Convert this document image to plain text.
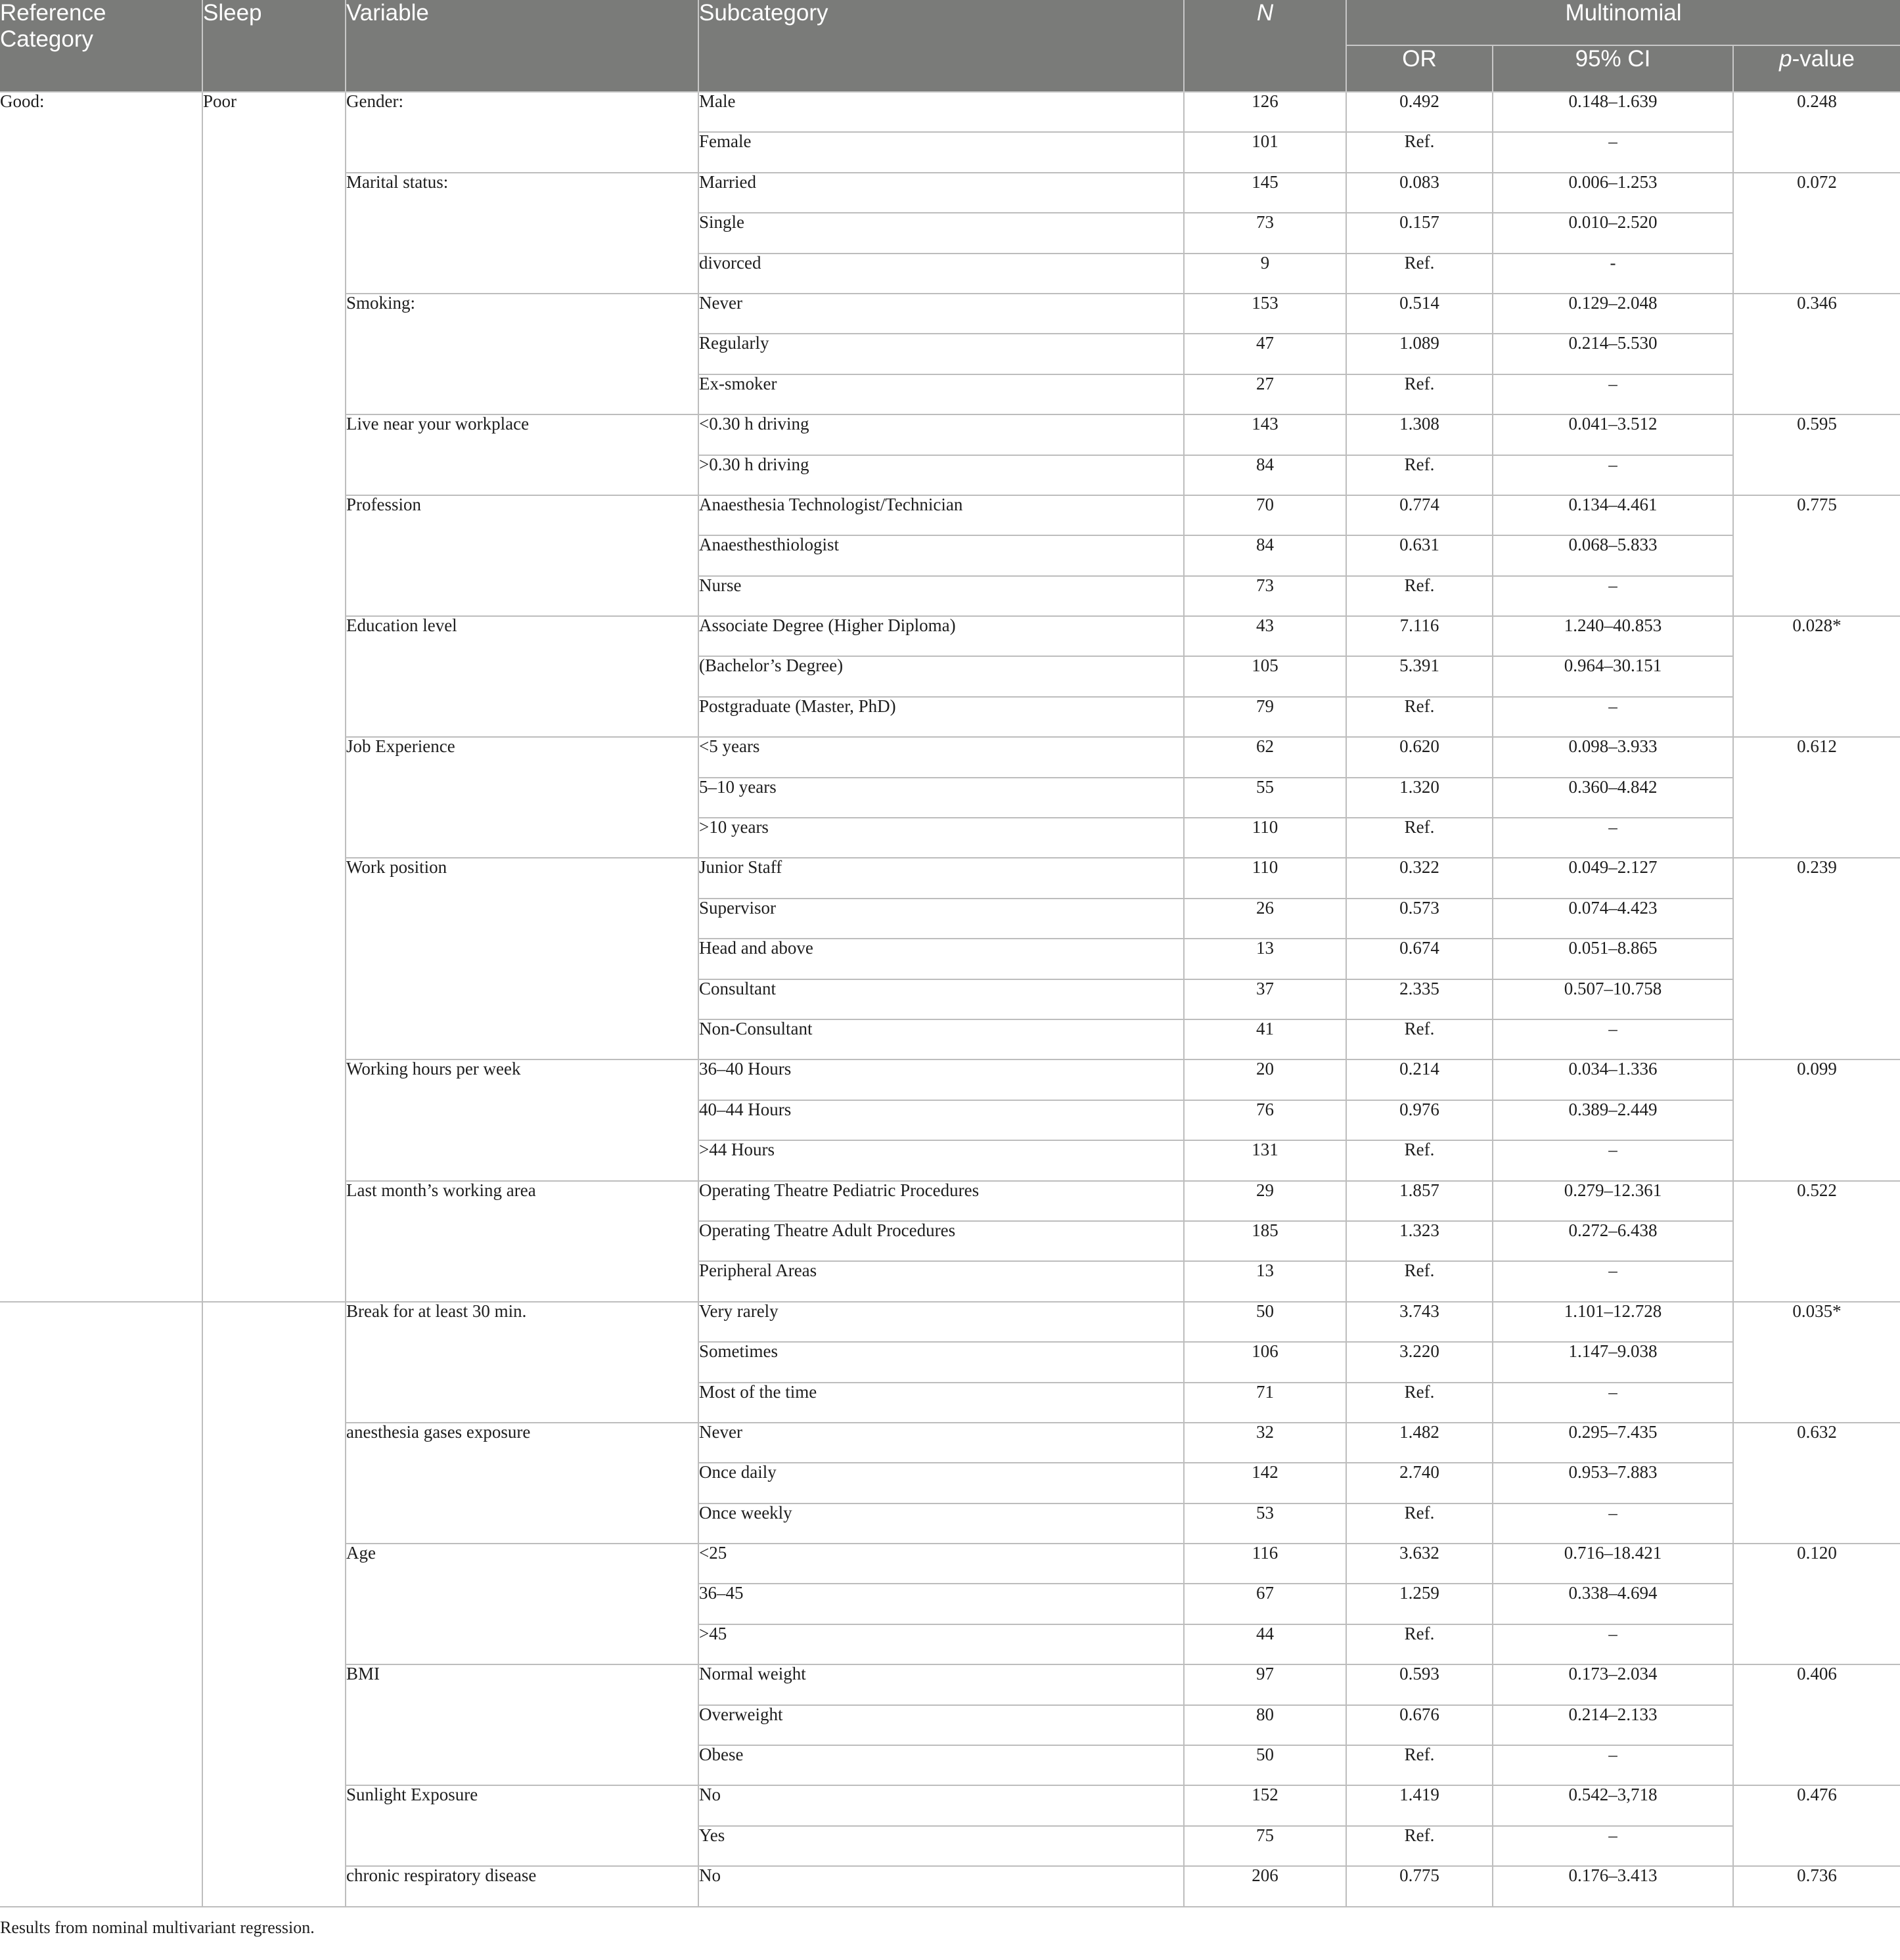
Reference Category	Sleep	Variable	Subcategory	N	Multinomial		
					OR	95% CI	p-value
Good:	Poor	Gender:	Male	126	0.492	0.148–1.639	0.248
			Female	101	Ref.	–	
		Marital status:	Married	145	0.083	0.006–1.253	0.072
			Single	73	0.157	0.010–2.520	
			divorced	9	Ref.	-	
		Smoking:	Never	153	0.514	0.129–2.048	0.346
			Regularly	47	1.089	0.214–5.530	
			Ex-smoker	27	Ref.	–	
		Live near your workplace	<0.30 h driving	143	1.308	0.041–3.512	0.595
			>0.30 h driving	84	Ref.	–	
		Profession	Anaesthesia Technologist/Technician	70	0.774	0.134–4.461	0.775
			Anaesthesthiologist	84	0.631	0.068–5.833	
			Nurse	73	Ref.	–	
		Education level	Associate Degree (Higher Diploma)	43	7.116	1.240–40.853	0.028*
			(Bachelor’s Degree)	105	5.391	0.964–30.151	
			Postgraduate (Master, PhD)	79	Ref.	–	
		Job Experience	<5 years	62	0.620	0.098–3.933	0.612
			5–10 years	55	1.320	0.360–4.842	
			>10 years	110	Ref.	–	
		Work position	Junior Staff	110	0.322	0.049–2.127	0.239
			Supervisor	26	0.573	0.074–4.423	
			Head and above	13	0.674	0.051–8.865	
			Consultant	37	2.335	0.507–10.758	
			Non-Consultant	41	Ref.	–	
		Working hours per week	36–40 Hours	20	0.214	0.034–1.336	0.099
			40–44 Hours	76	0.976	0.389–2.449	
			>44 Hours	131	Ref.	–	
		Last month’s working area	Operating Theatre Pediatric Procedures	29	1.857	0.279–12.361	0.522
			Operating Theatre Adult Procedures	185	1.323	0.272–6.438	
			Peripheral Areas	13	Ref.	–	
		Break for at least 30 min.	Very rarely	50	3.743	1.101–12.728	0.035*
			Sometimes	106	3.220	1.147–9.038	
			Most of the time	71	Ref.	–	
		anesthesia gases exposure	Never	32	1.482	0.295–7.435	0.632
			Once daily	142	2.740	0.953–7.883	
			Once weekly	53	Ref.	–	
		Age	<25	116	3.632	0.716–18.421	0.120
			36–45	67	1.259	0.338–4.694	
			>45	44	Ref.	–	
		BMI	Normal weight	97	0.593	0.173–2.034	0.406
			Overweight	80	0.676	0.214–2.133	
			Obese	50	Ref.	–	
		Sunlight Exposure	No	152	1.419	0.542–3,718	0.476
			Yes	75	Ref.	–	
		chronic respiratory disease	No	206	0.775	0.176–3.413	0.736
Results from nominal multivariant regression.
